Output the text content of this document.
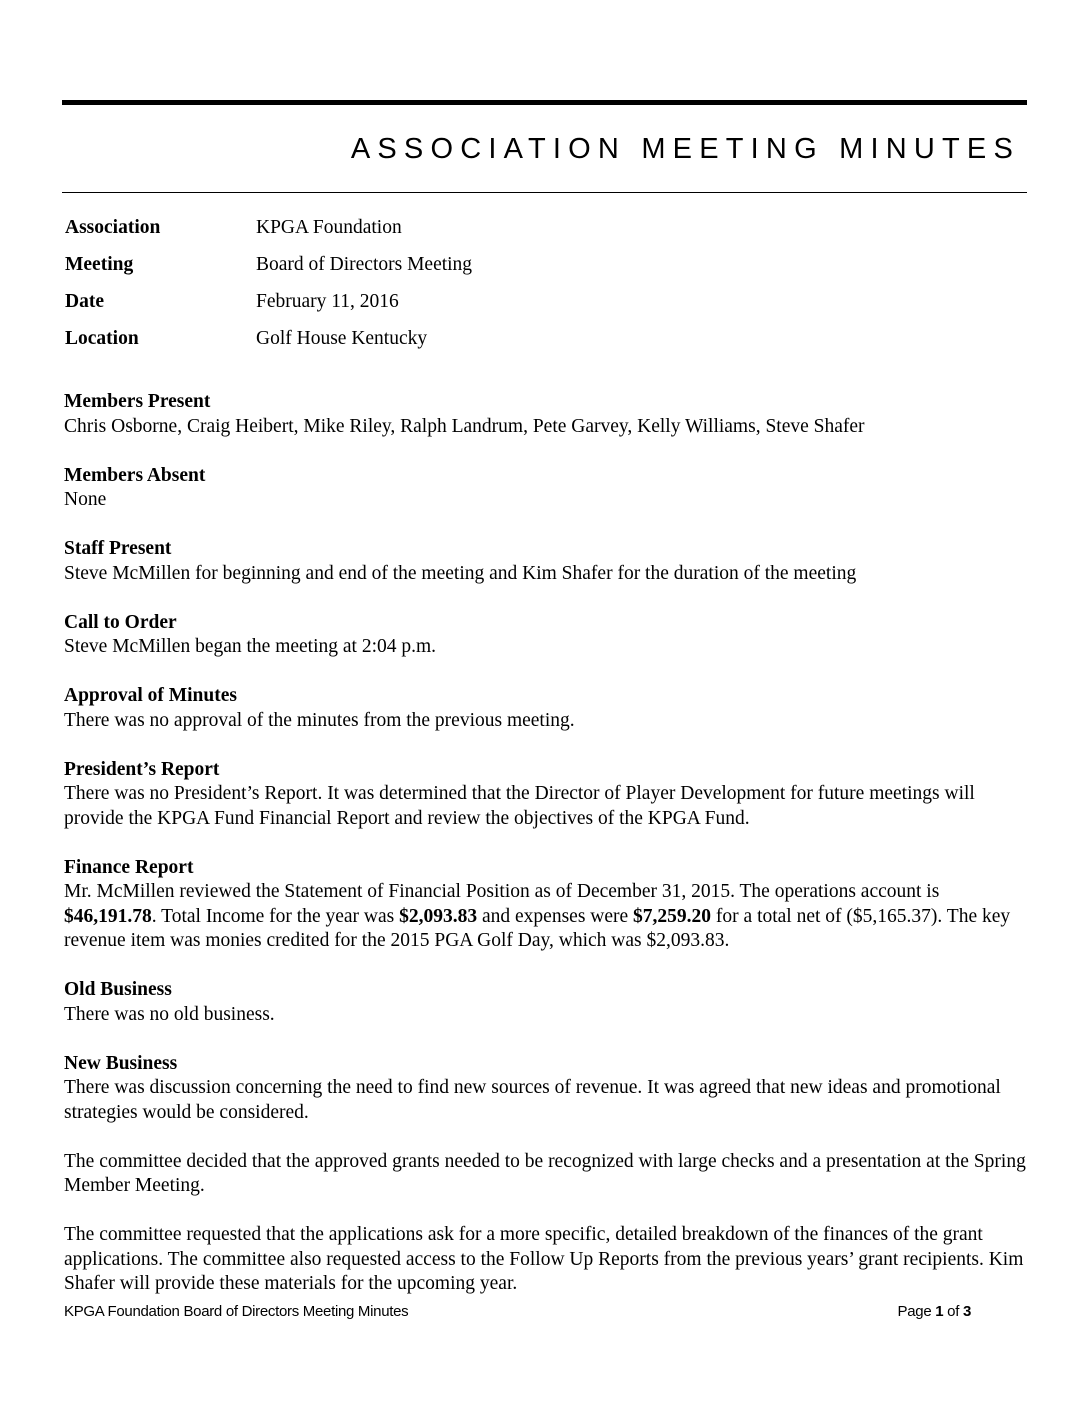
ASSOCIATION MEETING MINUTES
Association	KPGA Foundation
Meeting	Board of Directors Meeting
Date	February 11, 2016
Location	Golf House Kentucky
Members Present

Chris Osborne, Craig Heibert, Mike Riley, Ralph Landrum, Pete Garvey, Kelly Williams, Steve Shafer

Members Absent

None

Staff Present

Steve McMillen for beginning and end of the meeting and Kim Shafer for the duration of the meeting

Call to Order

Steve McMillen began the meeting at 2:04 p.m.

Approval of Minutes

There was no approval of the minutes from the previous meeting.

President’s Report

There was no President’s Report. It was determined that the Director of Player Development for future meetings will provide the KPGA Fund Financial Report and review the objectives of the KPGA Fund.

Finance Report

Mr. McMillen reviewed the Statement of Financial Position as of December 31, 2015. The operations account is $46,191.78. Total Income for the year was $2,093.83 and expenses were $7,259.20 for a total net of ($5,165.37). The key revenue item was monies credited for the 2015 PGA Golf Day, which was $2,093.83.

Old Business

There was no old business.

New Business

There was discussion concerning the need to find new sources of revenue. It was agreed that new ideas and promotional strategies would be considered.

The committee decided that the approved grants needed to be recognized with large checks and a presentation at the Spring Member Meeting.

The committee requested that the applications ask for a more specific, detailed breakdown of the finances of the grant applications. The committee also requested access to the Follow Up Reports from the previous years’ grant recipients. Kim Shafer will provide these materials for the upcoming year.

KPGA Foundation Board of Directors Meeting Minutes	Page 1 of 3
